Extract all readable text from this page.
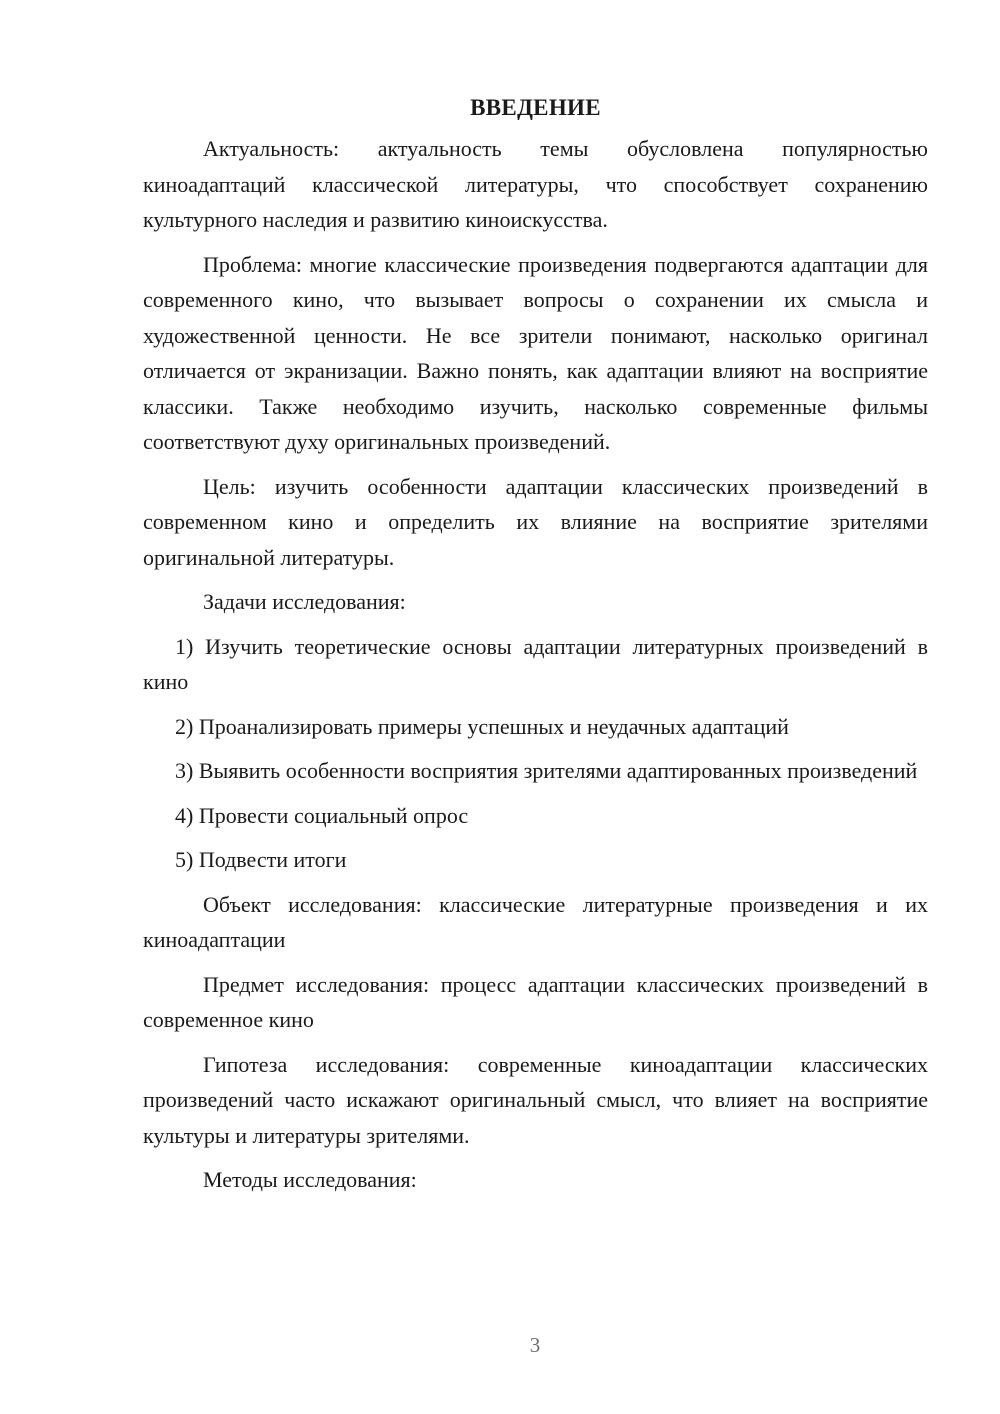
ВВЕДЕНИЕ

Актуальность: актуальность темы обусловлена популярностью киноадаптаций классической литературы, что способствует сохранению культурного наследия и развитию киноискусства.

Проблема: многие классические произведения подвергаются адаптации для современного кино, что вызывает вопросы о сохранении их смысла и художественной ценности. Не все зрители понимают, насколько оригинал отличается от экранизации. Важно понять, как адаптации влияют на восприятие классики. Также необходимо изучить, насколько современные фильмы соответствуют духу оригинальных произведений.

Цель: изучить особенности адаптации классических произведений в современном кино и определить их влияние на восприятие зрителями оригинальной литературы.

Задачи исследования:

1) Изучить теоретические основы адаптации литературных произведений в кино

2) Проанализировать примеры успешных и неудачных адаптаций

3) Выявить особенности восприятия зрителями адаптированных произведений

4) Провести социальный опрос

5) Подвести итоги

Объект исследования: классические литературные произведения и их киноадаптации

Предмет исследования: процесс адаптации классических произведений в современное кино

Гипотеза исследования: современные киноадаптации классических произведений часто искажают оригинальный смысл, что влияет на восприятие культуры и литературы зрителями.

Методы исследования:

3
